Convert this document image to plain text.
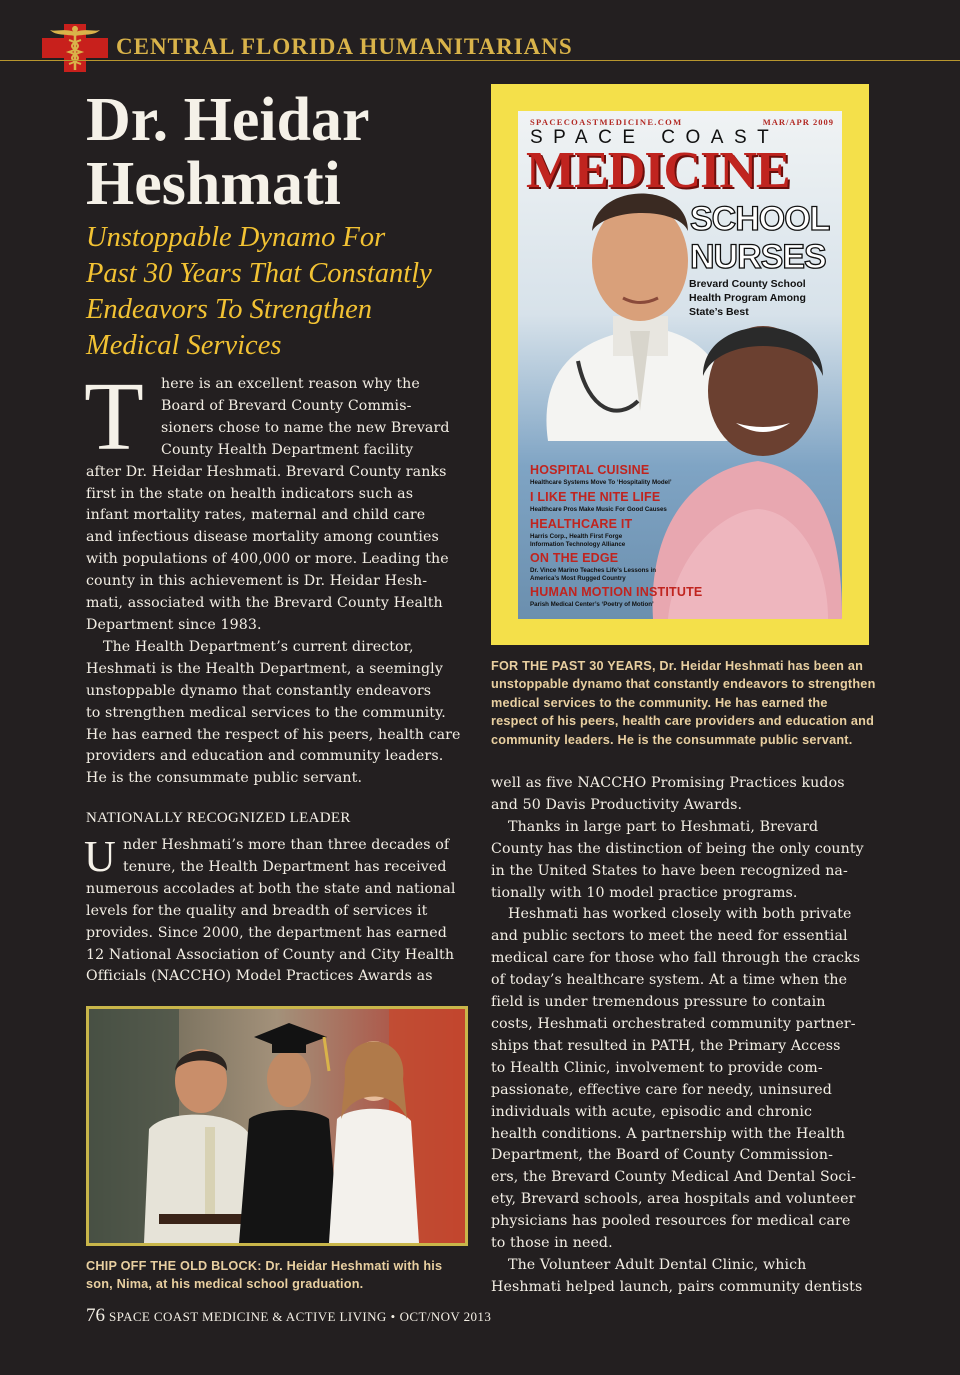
CENTRAL FLORIDA HUMANITARIANS
Dr. Heidar
Heshmati
Unstoppable Dynamo For
Past 30 Years That Constantly
Endeavors To Strengthen
Medical Services
T	here is an excellent reason why the
Board of Brevard County Commis-
sioners chose to name the new Brevard
County Health Department facility
after Dr. Heidar Heshmati. Brevard County ranks
first in the state on health indicators such as
infant mortality rates, maternal and child care
and infectious disease mortality among counties
with populations of 400,000 or more. Leading the
county in this achievement is Dr. Heidar Hesh-
mati, associated with the Brevard County Health
Department since 1983.
The Health Department’s current director,
Heshmati is the Health Department, a seemingly
unstoppable dynamo that constantly endeavors
to strengthen medical services to the community.
He has earned the respect of his peers, health care
providers and education and community leaders.
He is the consummate public servant.
NATIONALLY RECOGNIZED LEADER
U nder Heshmati’s more than three decades of
tenure, the Health Department has received
numerous accolades at both the state and national
levels for the quality and breadth of services it
provides. Since 2000, the department has earned
12 National Association of County and City Health
Officials (NACCHO) Model Practices Awards as
SPACECOASTMEDICINE.COM	MAR/APR 2009
SPACE COAST
MEDICINE
SCHOOL
NURSES
Brevard County School Health Program Among State’s Best
HOSPITAL CUISINE
Healthcare Systems Move To ‘Hospitality Model’
I LIKE THE NITE LIFE
Healthcare Pros Make Music For Good Causes
HEALTHCARE IT
Harris Corp., Health First Forge Information Technology Alliance
ON THE EDGE
Dr. Vince Marino Teaches Life’s Lessons in America’s Most Rugged Country
HUMAN MOTION INSTITUTE
Parish Medical Center’s ‘Poetry of Motion’
FOR THE PAST 30 YEARS, Dr. Heidar Heshmati has been an unstoppable dynamo that constantly endeavors to strengthen medical services to the community. He has earned the respect of his peers, health care providers and education and community leaders. He is the consummate public servant.
well as five NACCHO Promising Practices kudos
and 50 Davis Productivity Awards.
Thanks in large part to Heshmati, Brevard
County has the distinction of being the only county
in the United States to have been recognized na-
tionally with 10 model practice programs.
Heshmati has worked closely with both private
and public sectors to meet the need for essential
medical care for those who fall through the cracks
of today’s healthcare system. At a time when the
field is under tremendous pressure to contain
costs, Heshmati orchestrated community partner-
ships that resulted in PATH, the Primary Access
to Health Clinic, involvement to provide com-
passionate, effective care for needy, uninsured
individuals with acute, episodic and chronic
health conditions. A partnership with the Health
Department, the Board of County Commission-
ers, the Brevard County Medical And Dental Soci-
ety, Brevard schools, area hospitals and volunteer
physicians has pooled resources for medical care
to those in need.
The Volunteer Adult Dental Clinic, which
Heshmati helped launch, pairs community dentists
CHIP OFF THE OLD BLOCK: Dr. Heidar Heshmati with his son, Nima, at his medical school graduation.
76 SPACE COAST MEDICINE & ACTIVE LIVING • OCT/NOV 2013
